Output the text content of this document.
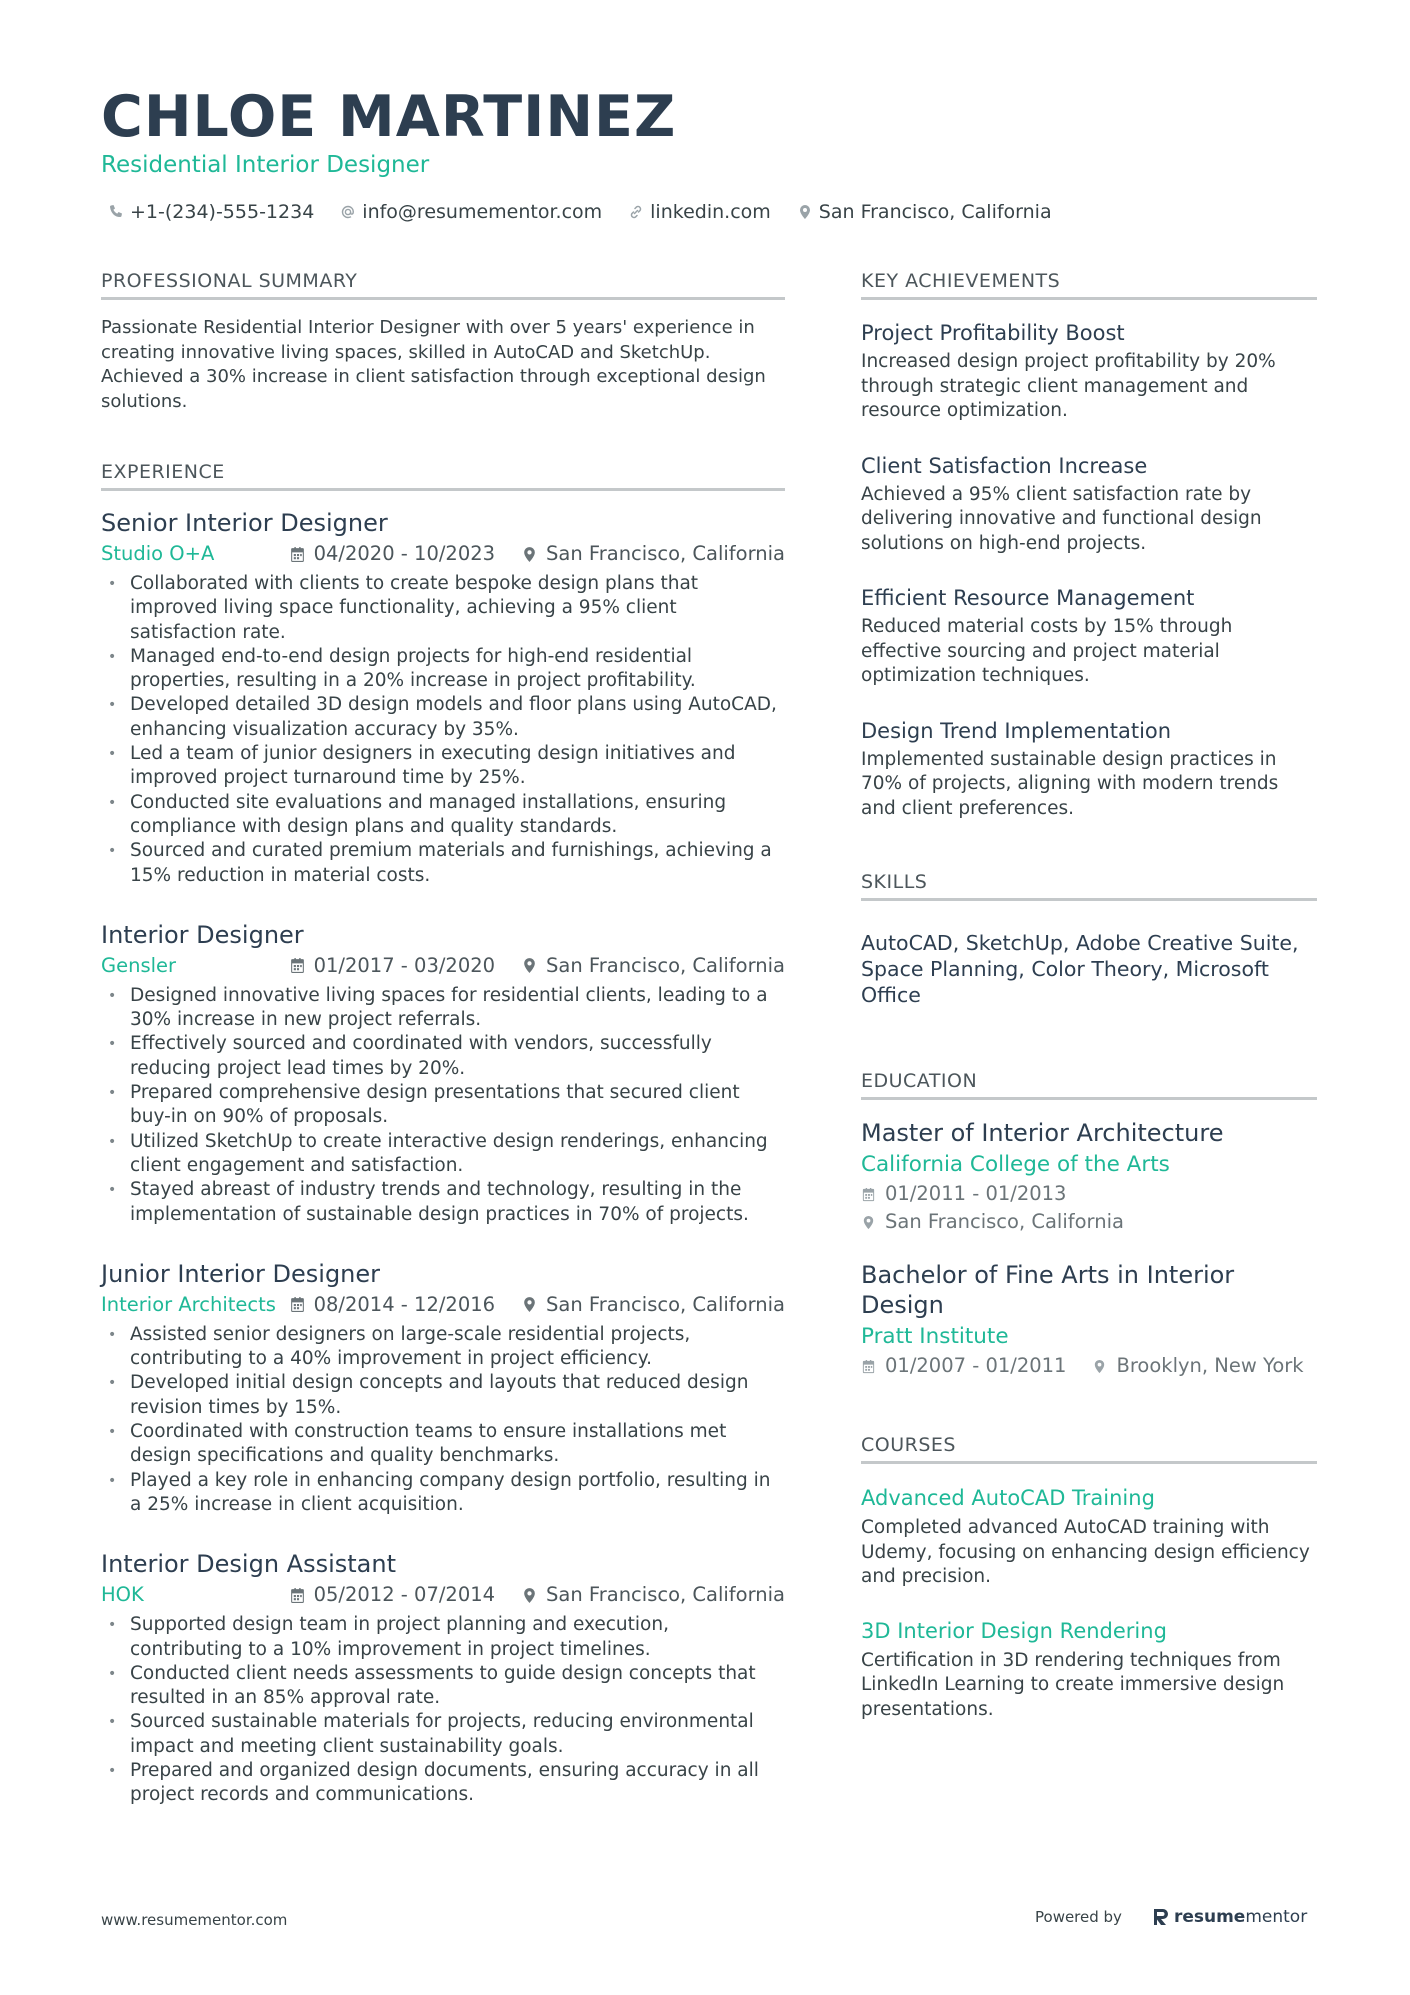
CHLOE MARTINEZ
Residential Interior Designer
+1-(234)-555-1234	info@resumementor.com	linkedin.com	San Francisco, California
PROFESSIONAL SUMMARY

Passionate Residential Interior Designer with over 5 years' experience in creating innovative living spaces, skilled in AutoCAD and SketchUp. Achieved a 30% increase in client satisfaction through exceptional design solutions.

EXPERIENCE
Senior Interior Designer
Studio O+A	04/2020 - 10/2023	San Francisco, California
• Collaborated with clients to create bespoke design plans that improved living space functionality, achieving a 95% client satisfaction rate.
• Managed end-to-end design projects for high-end residential properties, resulting in a 20% increase in project profitability.
• Developed detailed 3D design models and floor plans using AutoCAD, enhancing visualization accuracy by 35%.
• Led a team of junior designers in executing design initiatives and improved project turnaround time by 25%.
• Conducted site evaluations and managed installations, ensuring compliance with design plans and quality standards.
• Sourced and curated premium materials and furnishings, achieving a 15% reduction in material costs.
Interior Designer
Gensler	01/2017 - 03/2020	San Francisco, California
• Designed innovative living spaces for residential clients, leading to a 30% increase in new project referrals.
• Effectively sourced and coordinated with vendors, successfully reducing project lead times by 20%.
• Prepared comprehensive design presentations that secured client buy-in on 90% of proposals.
• Utilized SketchUp to create interactive design renderings, enhancing client engagement and satisfaction.
• Stayed abreast of industry trends and technology, resulting in the implementation of sustainable design practices in 70% of projects.
Junior Interior Designer
Interior Architects 08/2014 - 12/2016	San Francisco, California
• Assisted senior designers on large-scale residential projects, contributing to a 40% improvement in project efficiency.
• Developed initial design concepts and layouts that reduced design revision times by 15%.
• Coordinated with construction teams to ensure installations met design specifications and quality benchmarks.
• Played a key role in enhancing company design portfolio, resulting in a 25% increase in client acquisition.
Interior Design Assistant
HOK	05/2012 - 07/2014	San Francisco, California
• Supported design team in project planning and execution, contributing to a 10% improvement in project timelines.
• Conducted client needs assessments to guide design concepts that resulted in an 85% approval rate.
• Sourced sustainable materials for projects, reducing environmental impact and meeting client sustainability goals.
• Prepared and organized design documents, ensuring accuracy in all project records and communications.
KEY ACHIEVEMENTS
Project Profitability Boost
Increased design project profitability by 20% through strategic client management and resource optimization.
Client Satisfaction Increase
Achieved a 95% client satisfaction rate by delivering innovative and functional design solutions on high-end projects.
Efficient Resource Management
Reduced material costs by 15% through effective sourcing and project material optimization techniques.
Design Trend Implementation
Implemented sustainable design practices in 70% of projects, aligning with modern trends and client preferences.
SKILLS
AutoCAD, SketchUp, Adobe Creative Suite, Space Planning, Color Theory, Microsoft Office
EDUCATION
Master of Interior Architecture
California College of the Arts
01/2011 - 01/2013
San Francisco, California
Bachelor of Fine Arts in Interior Design
Pratt Institute
01/2007 - 01/2011	Brooklyn, New York
COURSES
Advanced AutoCAD Training
Completed advanced AutoCAD training with Udemy, focusing on enhancing design efficiency and precision.
3D Interior Design Rendering
Certification in 3D rendering techniques from LinkedIn Learning to create immersive design presentations.
www.resumementor.com	Powered by	resumementor
